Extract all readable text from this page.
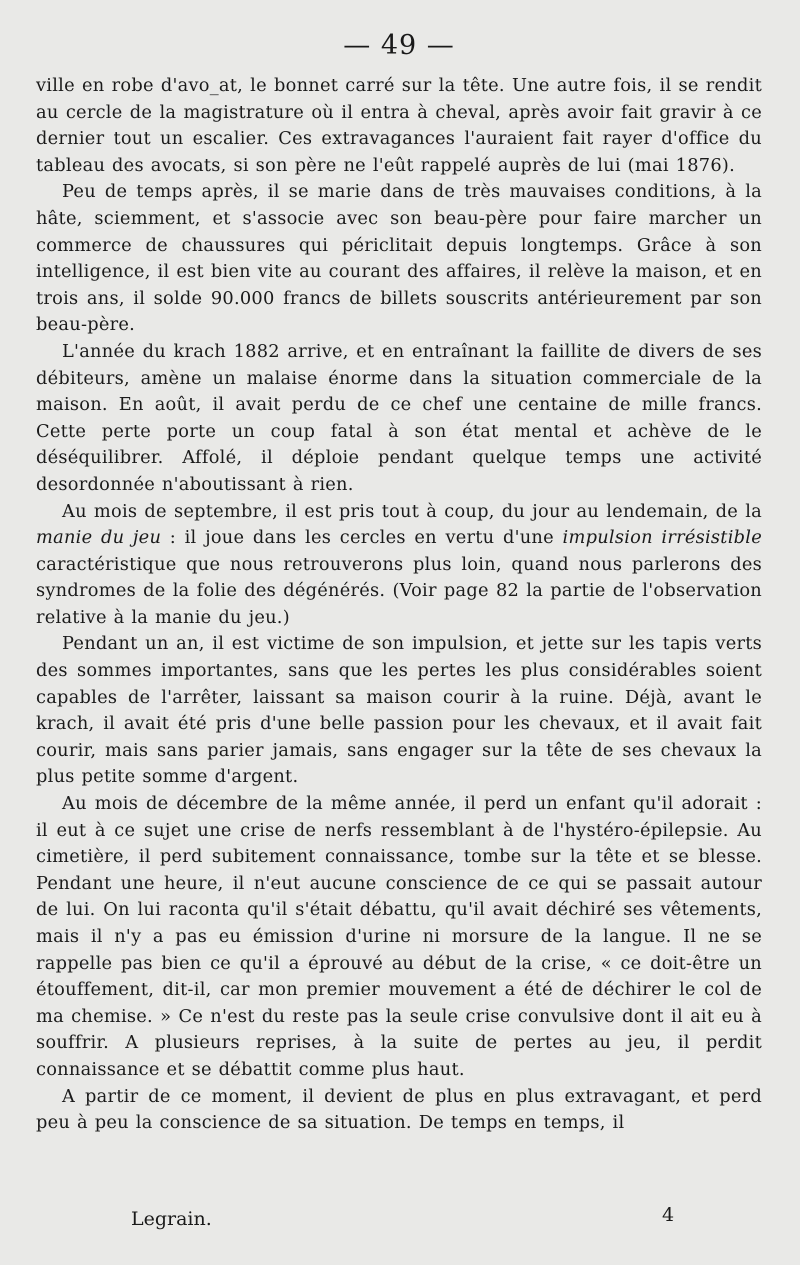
— 49 —

ville en robe d'avo_at, le bonnet carré sur la tête. Une autre fois, il se rendit au cercle de la magistrature où il entra à cheval, après avoir fait gravir à ce dernier tout un escalier. Ces extravagances l'auraient fait rayer d'office du tableau des avocats, si son père ne l'eût rappelé auprès de lui (mai 1876).

Peu de temps après, il se marie dans de très mauvaises conditions, à la hâte, sciemment, et s'associe avec son beau-père pour faire marcher un commerce de chaussures qui périclitait depuis longtemps. Grâce à son intelligence, il est bien vite au courant des affaires, il relève la maison, et en trois ans, il solde 90.000 francs de billets souscrits antérieurement par son beau-père.

L'année du krach 1882 arrive, et en entraînant la faillite de divers de ses débiteurs, amène un malaise énorme dans la situation commerciale de la maison. En août, il avait perdu de ce chef une centaine de mille francs. Cette perte porte un coup fatal à son état mental et achève de le déséquilibrer. Affolé, il déploie pendant quelque temps une activité desordonnée n'aboutissant à rien.

Au mois de septembre, il est pris tout à coup, du jour au lendemain, de la manie du jeu : il joue dans les cercles en vertu d'une impulsion irrésistible caractéristique que nous retrouverons plus loin, quand nous parlerons des syndromes de la folie des dégénérés. (Voir page 82 la partie de l'observation relative à la manie du jeu.)

Pendant un an, il est victime de son impulsion, et jette sur les tapis verts des sommes importantes, sans que les pertes les plus considérables soient capables de l'arrêter, laissant sa maison courir à la ruine. Déjà, avant le krach, il avait été pris d'une belle passion pour les chevaux, et il avait fait courir, mais sans parier jamais, sans engager sur la tête de ses chevaux la plus petite somme d'argent.

Au mois de décembre de la même année, il perd un enfant qu'il adorait : il eut à ce sujet une crise de nerfs ressemblant à de l'hystéro-épilepsie. Au cimetière, il perd subitement connaissance, tombe sur la tête et se blesse. Pendant une heure, il n'eut aucune conscience de ce qui se passait autour de lui. On lui raconta qu'il s'était débattu, qu'il avait déchiré ses vêtements, mais il n'y a pas eu émission d'urine ni morsure de la langue. Il ne se rappelle pas bien ce qu'il a éprouvé au début de la crise, « ce doit-être un étouffement, dit-il, car mon premier mouvement a été de déchirer le col de ma chemise. » Ce n'est du reste pas la seule crise convulsive dont il ait eu à souffrir. A plusieurs reprises, à la suite de pertes au jeu, il perdit connaissance et se débattit comme plus haut.

A partir de ce moment, il devient de plus en plus extravagant, et perd peu à peu la conscience de sa situation. De temps en temps, il

Legrain.	4
